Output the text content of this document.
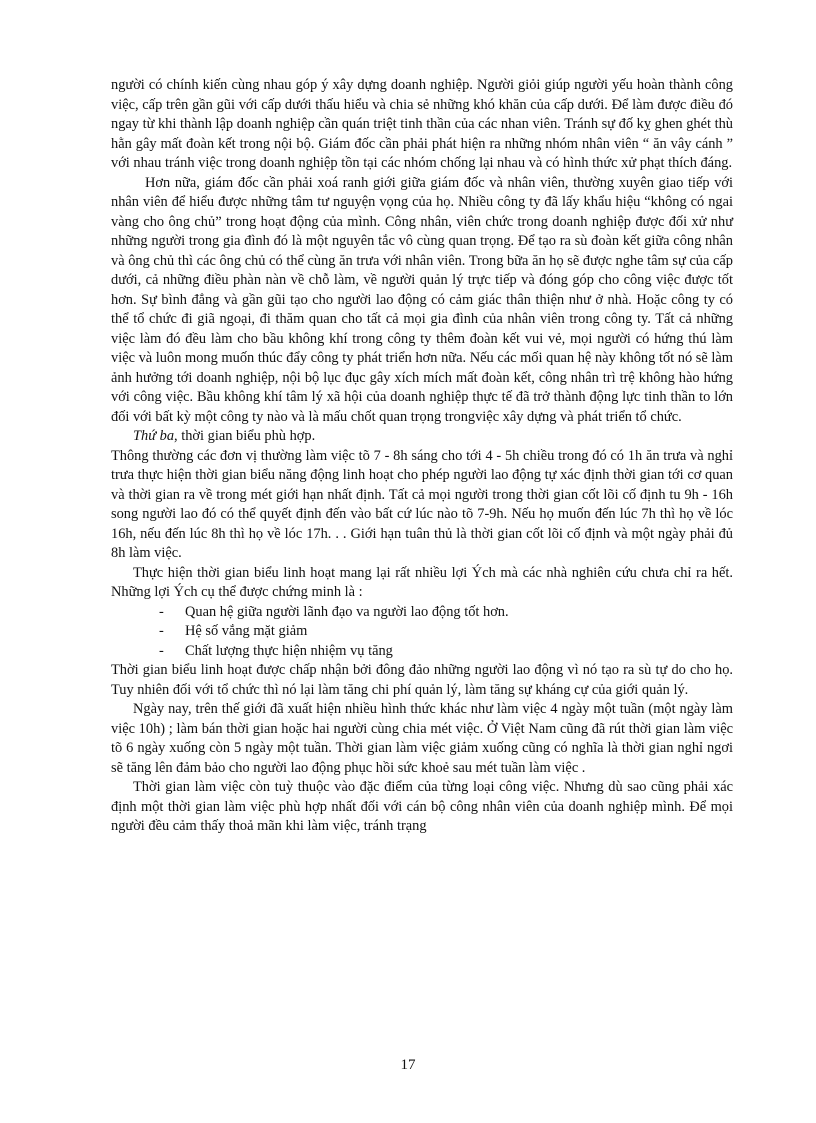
người có chính kiến cùng nhau góp ý xây dựng doanh nghiệp. Người giỏi giúp người yếu hoàn thành công việc, cấp trên gần gũi với cấp dưới thấu hiểu và chia sẻ những khó khăn của cấp dưới. Để làm được điều đó ngay từ khi thành lập doanh nghiệp cần quán triệt tinh thần của các nhan viên. Tránh sự đố kỵ ghen ghét thù hằn gây mất đoàn kết trong nội bộ. Giám đốc cần phải phát hiện ra những nhóm nhân viên “ ăn vây cánh ” với nhau tránh việc trong doanh nghiệp tồn tại các nhóm chống lại nhau và có hình thức xử phạt thích đáng.

Hơn nữa, giám đốc cần phải xoá ranh giới giữa giám đốc và nhân viên, thường xuyên giao tiếp với nhân viên để hiểu được những tâm tư nguyện vọng của họ. Nhiều công ty đã lấy khẩu hiệu “không có ngai vàng cho ông chủ” trong hoạt động của mình. Công nhân, viên chức trong doanh nghiệp được đối xử như những người trong gia đình đó là một nguyên tắc vô cùng quan trọng. Để tạo ra sù đoàn kết giữa công nhân và ông chủ thì các ông chủ có thể cùng ăn trưa với nhân viên. Trong bữa ăn họ sẽ được nghe tâm sự của cấp dưới, cả những điều phàn nàn về chỗ làm, về người quản lý trực tiếp và đóng góp cho công việc được tốt hơn. Sự bình đẳng và gần gũi tạo cho người lao động có cảm giác thân thiện như ở nhà. Hoặc công ty có thể tổ chức đi giã ngoại, đi thăm quan cho tất cả mọi gia đình của nhân viên trong công ty. Tất cả những việc làm đó đều làm cho bầu không khí trong công ty thêm đoàn kết vui vẻ, mọi người có hứng thú làm việc và luôn mong muốn thúc đẩy công ty phát triển hơn nữa. Nếu các mối quan hệ này không tốt nó sẽ làm ảnh hưởng tới doanh nghiệp, nội bộ lục đục gây xích mích mất đoàn kết, công nhân trì trệ không hào hứng với công việc. Bầu không khí tâm lý xã hội của doanh nghiệp thực tế đã trở thành động lực tinh thần to lớn đối với bất kỳ một công ty nào và là mấu chốt quan trọng trongviệc xây dựng và phát triển tổ chức.

Thứ ba, thời gian biểu phù hợp.

Thông thường các đơn vị thường làm việc tõ 7 - 8h sáng cho tới 4 - 5h chiều trong đó có 1h ăn trưa và nghỉ trưa thực hiện thời gian biểu năng động linh hoạt cho phép người lao động tự xác định thời gian tới cơ quan và thời gian ra về trong mét giới hạn nhất định. Tất cả mọi người trong thời gian cốt lõi cố định tu 9h - 16h song người lao đó có thể quyết định đến vào bất cứ lúc nào tõ 7-9h. Nếu họ muốn đến lúc 7h thì họ về lóc 16h, nếu đến lúc 8h thì họ về lóc 17h. . . Giới hạn tuân thủ là thời gian cốt lõi cố định và một ngày phải đủ 8h làm việc.

Thực hiện thời gian biểu linh hoạt mang lại rất nhiều lợi Ých mà các nhà nghiên cứu chưa chỉ ra hết. Những lợi Ých cụ thể được chứng minh là :

- Quan hệ giữa người lãnh đạo va người lao động tốt hơn.
- Hệ số vắng mặt giảm
- Chất lượng thực hiện nhiệm vụ tăng

Thời gian biểu linh hoạt được chấp nhận bởi đông đảo những người lao động vì nó tạo ra sù tự do cho họ. Tuy nhiên đối với tổ chức thì nó lại làm tăng chi phí quản lý, làm tăng sự kháng cự của giới quản lý.

Ngày nay, trên thế giới đã xuất hiện nhiều hình thức khác như làm việc 4 ngày một tuần (một ngày làm việc 10h) ; làm bán thời gian hoặc hai người cùng chia mét việc. Ở Việt Nam cũng đã rút thời gian làm việc tõ 6 ngày xuống còn 5 ngày một tuần. Thời gian làm việc giảm xuống cũng có nghĩa là thời gian nghỉ ngơi sẽ tăng lên đảm bảo cho người lao động phục hồi sức khoẻ sau mét tuần làm việc .

Thời gian làm việc còn tuỳ thuộc vào đặc điểm của từng loại công việc. Nhưng dù sao cũng phải xác định một thời gian làm việc phù hợp nhất đối với cán bộ công nhân viên của doanh nghiệp mình. Để mọi người đều cảm thấy thoả mãn khi làm việc, tránh trạng

17
